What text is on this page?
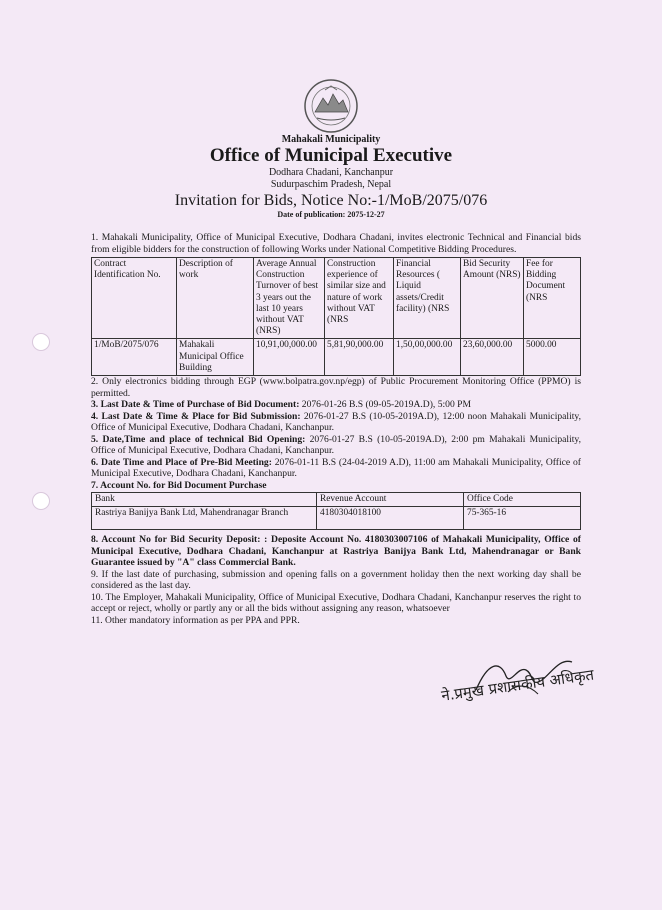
Mahakali Municipality
Office of Municipal Executive
Dodhara Chadani, Kanchanpur
Sudurpaschim Pradesh, Nepal
Invitation for Bids, Notice No:-1/MoB/2075/076
Date of publication: 2075-12-27

1. Mahakali Municipality, Office of Municipal Executive, Dodhara Chadani, invites electronic Technical and Financial bids from eligible bidders for the construction of following Works under National Competitive Bidding Procedures.

Contract Identification No.	Description of work	Average Annual Construction Turnover of best 3 years out the last 10 years without VAT (NRS)	Construction experience of similar size and nature of work without VAT (NRS	Financial Resources ( Liquid assets/Credit facility) (NRS	Bid Security Amount (NRS)	Fee for Bidding Document (NRS
1/MoB/2075/076	Mahakali Municipal Office Building	10,91,00,000.00	5,81,90,000.00	1,50,00,000.00	23,60,000.00	5000.00

2. Only electronics bidding through EGP (www.bolpatra.gov.np/egp) of Public Procurement Monitoring Office (PPMO) is permitted.

3. Last Date & Time of Purchase of Bid Document: 2076-01-26 B.S (09-05-2019A.D), 5:00 PM

4. Last Date & Time & Place for Bid Submission: 2076-01-27 B.S (10-05-2019A.D), 12:00 noon Mahakali Municipality, Office of Municipal Executive, Dodhara Chadani, Kanchanpur.

5. Date,Time and place of technical Bid Opening: 2076-01-27 B.S (10-05-2019A.D), 2:00 pm Mahakali Municipality, Office of Municipal Executive, Dodhara Chadani, Kanchanpur.

6. Date Time and Place of Pre-Bid Meeting: 2076-01-11 B.S (24-04-2019 A.D), 11:00 am Mahakali Municipality, Office of Municipal Executive, Dodhara Chadani, Kanchanpur.

7. Account No. for Bid Document Purchase

Bank	Revenue Account	Office Code
Rastriya Banijya Bank Ltd, Mahendranagar Branch	4180304018100	75-365-16

8. Account No for Bid Security Deposit: : Deposite Account No. 4180303007106 of Mahakali Municipality, Office of Municipal Executive, Dodhara Chadani, Kanchanpur at Rastriya Banijya Bank Ltd, Mahendranagar or Bank Guarantee issued by "A" class Commercial Bank.

9. If the last date of purchasing, submission and opening falls on a government holiday then the next working day shall be considered as the last day.

10. The Employer, Mahakali Municipality, Office of Municipal Executive, Dodhara Chadani, Kanchanpur reserves the right to accept or reject, wholly or partly any or all the bids without assigning any reason, whatsoever

11. Other mandatory information as per PPA and PPR.

ने.प्रमुख प्रशासकीय अधिकृत
